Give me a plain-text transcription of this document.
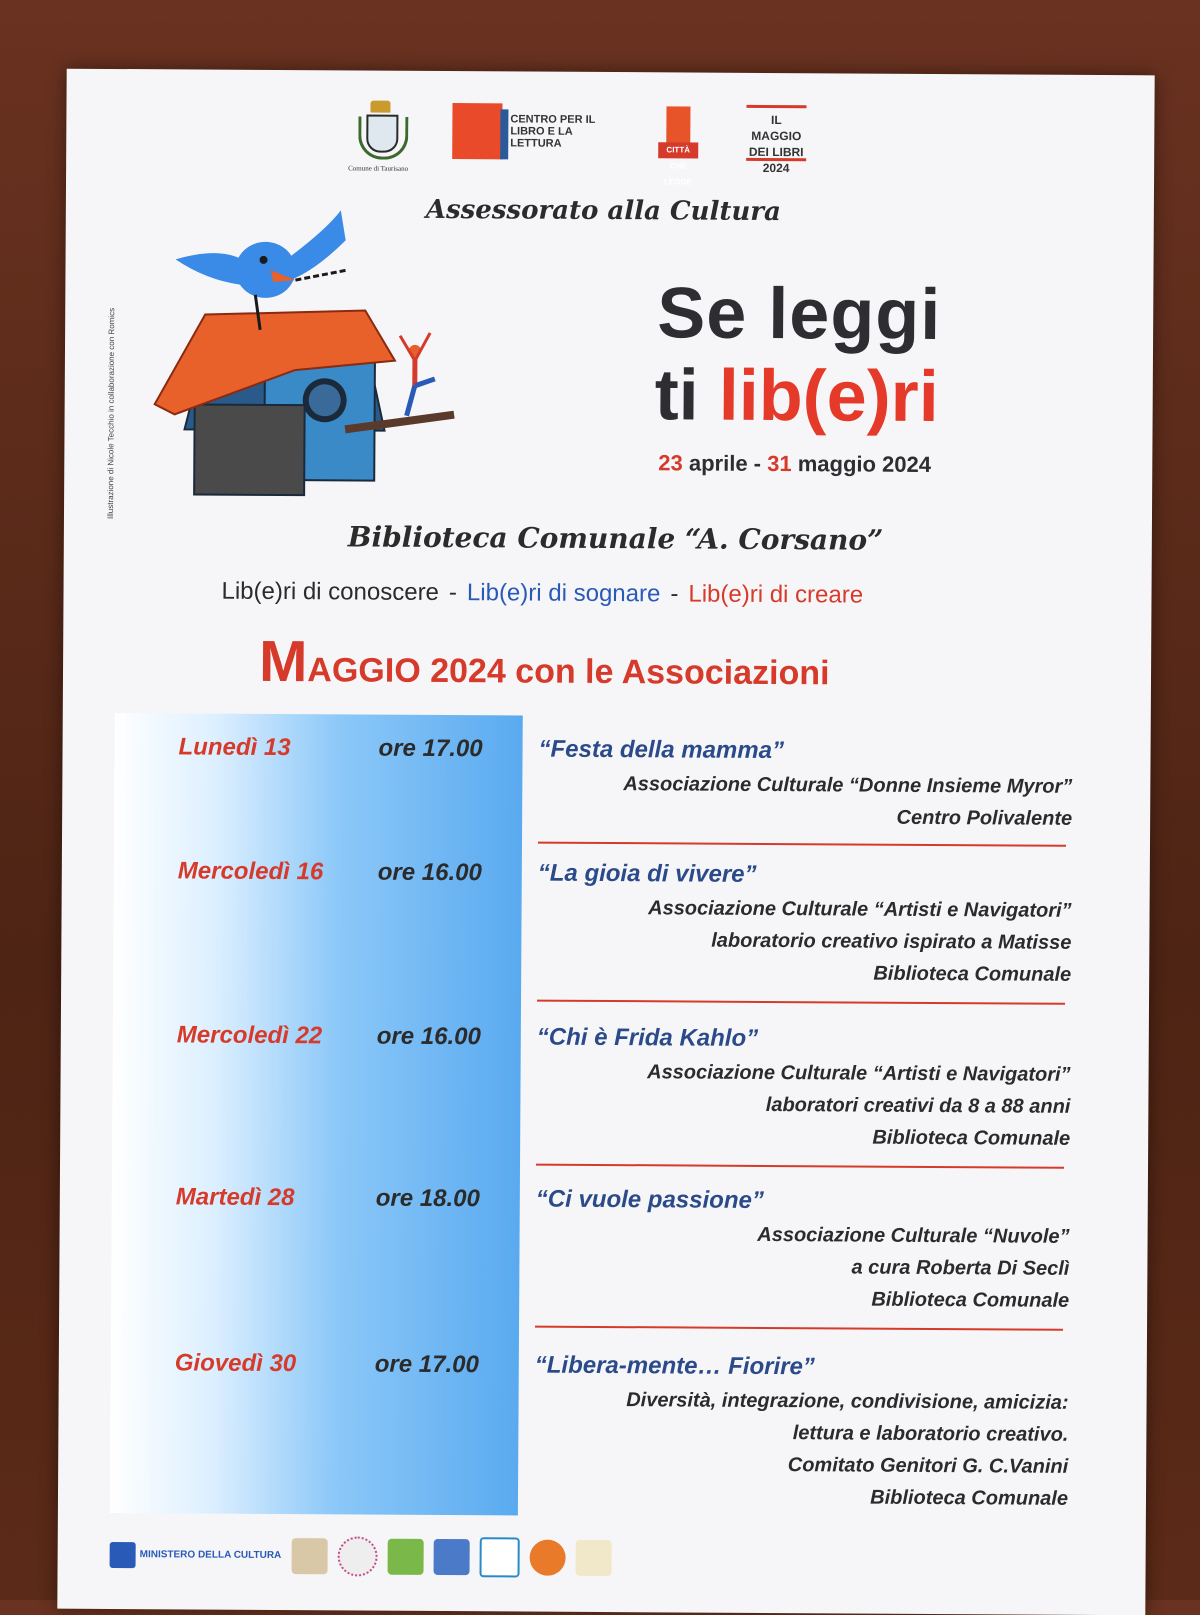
Comune di Taurisano
CENTRO PER IL LIBRO E LA LETTURA
CITTÀ CHE LEGGE
IL MAGGIO DEI LIBRI 2024
Assessorato alla Cultura
Illustrazione di Nicole Tecchio in collaborazione con Romics	Se leggi
ti lib(e)ri
23 aprile - 31 maggio 2024
Biblioteca Comunale “A. Corsano”
Lib(e)ri di conoscere - Lib(e)ri di sognare - Lib(e)ri di creare
MAGGIO 2024 con le Associazioni
Lunedì 13	ore 17.00 “Festa della mamma”
Associazione Culturale “Donne Insieme Myror”
Centro Polivalente
Mercoledì 16 ore 16.00 “La gioia di vivere”
Associazione Culturale “Artisti e Navigatori”
laboratorio creativo ispirato a Matisse
Biblioteca Comunale
Mercoledì 22 ore 16.00 “Chi è Frida Kahlo”
Associazione Culturale “Artisti e Navigatori”
laboratori creativi da 8 a 88 anni
Biblioteca Comunale
Martedì 28	ore 18.00 “Ci vuole passione”
Associazione Culturale “Nuvole”
a cura Roberta Di Seclì
Biblioteca Comunale
Giovedì 30	ore 17.00 “Libera-mente… Fiorire”
Diversità, integrazione, condivisione, amicizia:
lettura e laboratorio creativo.
Comitato Genitori G. C.Vanini
Biblioteca Comunale
MINISTERO DELLA CULTURA
